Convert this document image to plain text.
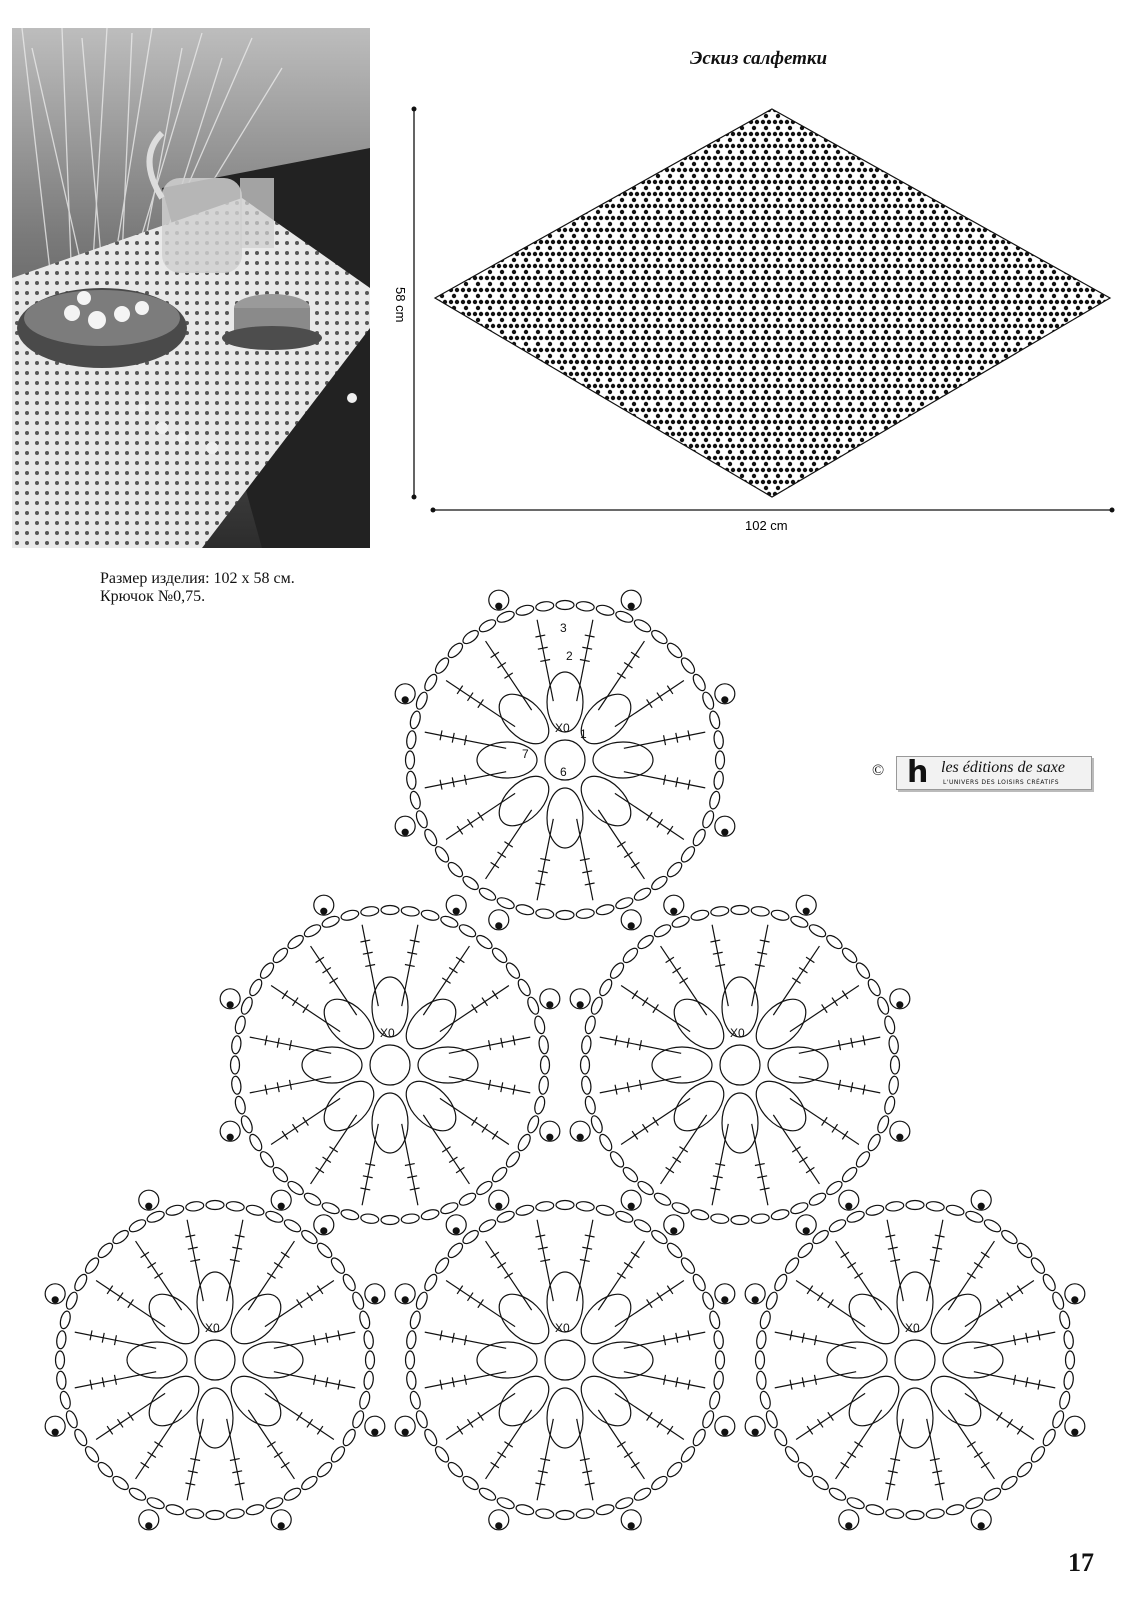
Эскиз салфетки
58 cm
102 cm
Размер изделия: 102 x 58 см.
Крючок №0,75.
© h les éditions de saxe
L'UNIVERS DES LOISIRS CRÉATIFS
X0
X0	X0
X0	X0	X0
1
2
3
6
7
17
